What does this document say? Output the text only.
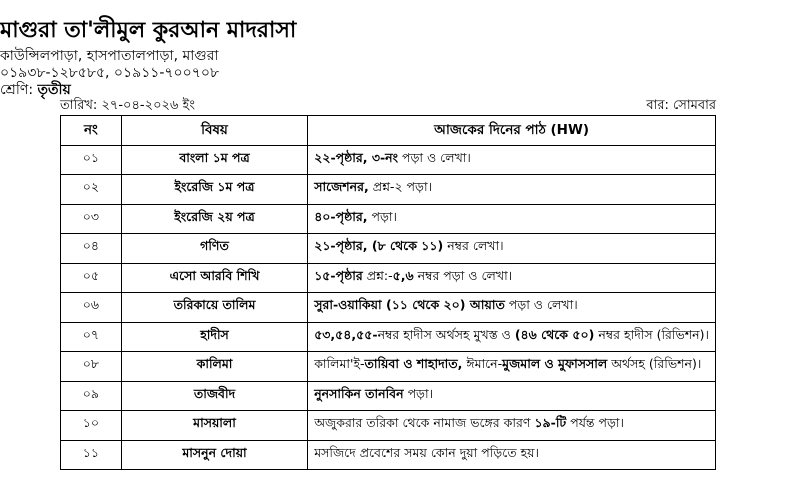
মাগুরা তা'লীমুল কুরআন মাদরাসা
কাউন্সিলপাড়া, হাসপাতালপাড়া, মাগুরা
০১৯৩৮-১২৮৫৮৫, ০১৯১১-৭০০৭০৮
শ্রেণি: তৃতীয়
তারিখ: ২৭-০৪-২০২৬ ইং	বার: সোমবার
নং	বিষয়	আজকের দিনের পাঠ (HW)
০১	বাংলা ১ম পত্র	২২-পৃষ্ঠার, ৩-নং পড়া ও লেখা।
০২	ইংরেজি ১ম পত্র	সাজেশনর, প্রশ্ন-২ পড়া।
০৩	ইংরেজি ২য় পত্র	৪০-পৃষ্ঠার, পড়া।
০৪	গণিত	২১-পৃষ্ঠার, (৮ থেকে ১১) নম্বর লেখা।
০৫	এসো আরবি শিখি	১৫-পৃষ্ঠার প্রশ্ন:-৫,৬ নম্বর পড়া ও লেখা।
০৬	তরিকায়ে তালিম	সুরা-ওয়াকিয়া (১১ থেকে ২০) আয়াত পড়া ও লেখা।
০৭	হাদীস	৫৩,৫৪,৫৫-নম্বর হাদীস অর্থসহ মুখস্ত ও (৪৬ থেকে ৫০) নম্বর হাদীস (রিভিশন)।
০৮	কালিমা	কালিমা'ই-তায়িবা ও শাহাদাত, ঈমানে-মুজমাল ও মুফাসসাল অর্থসহ (রিভিশন)।
০৯	তাজবীদ	নুনসাকিন তানবিন পড়া।
১০	মাসয়ালা	অজুকরার তরিকা থেকে নামাজ ভঙ্গের কারণ ১৯-টি পর্যন্ত পড়া।
১১	মাসনুন দোয়া	মসজিদে প্রবেশের সময় কোন দুয়া পড়িতে হয়।
